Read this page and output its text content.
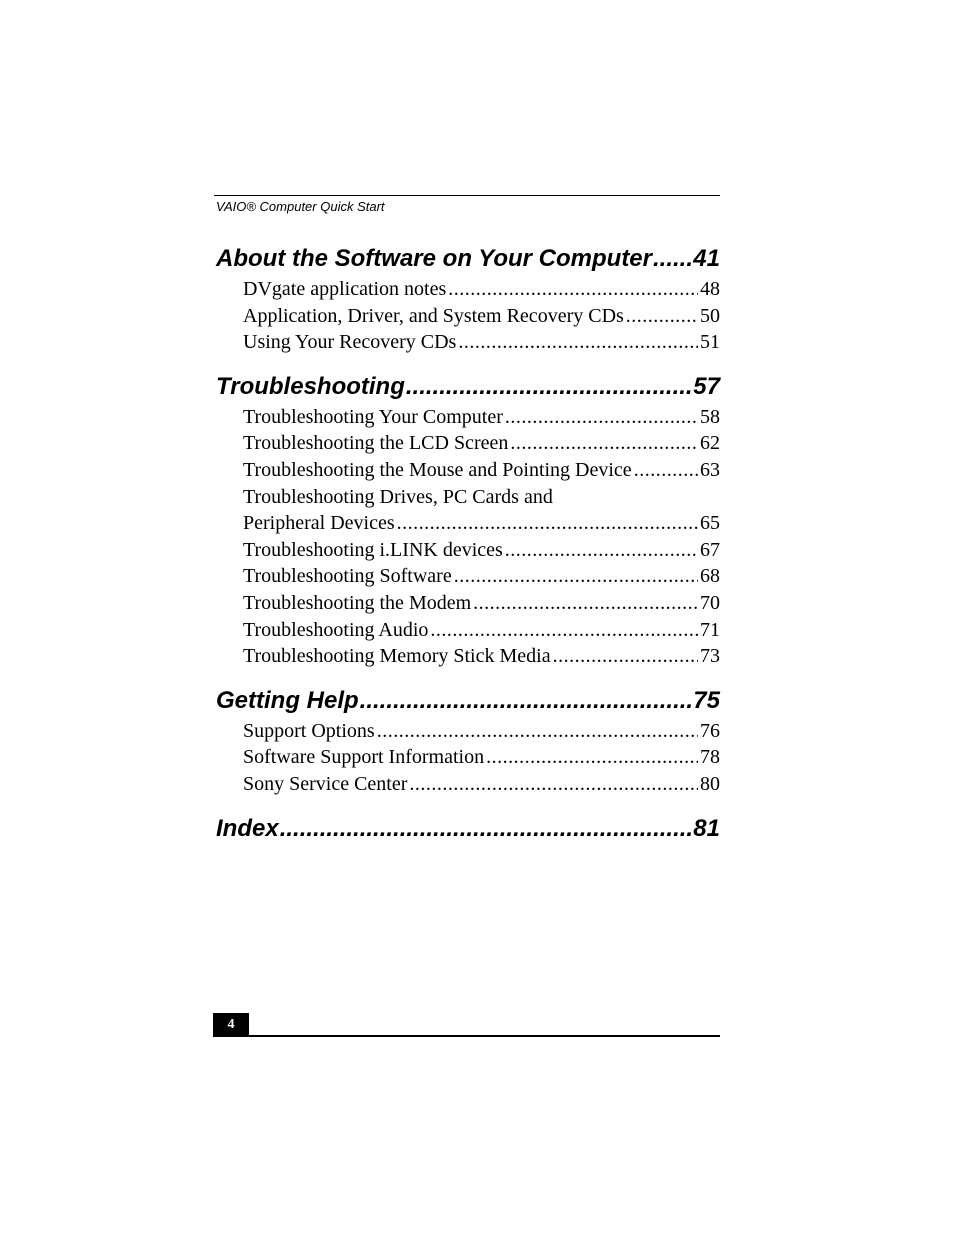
VAIO® Computer Quick Start
About the Software on Your Computer ..... 41
DVgate application notes .....	48
Application, Driver, and System Recovery CDs .....	50
Using Your Recovery CDs .....	51
Troubleshooting .....	57
Troubleshooting Your Computer .....	58
Troubleshooting the LCD Screen .....	62
Troubleshooting the Mouse and Pointing Device .....	63
Troubleshooting Drives, PC Cards and
Peripheral Devices .....	65
Troubleshooting i.LINK devices .....	67
Troubleshooting Software .....	68
Troubleshooting the Modem .....	70
Troubleshooting Audio .....	71
Troubleshooting Memory Stick Media .....	73
Getting Help .....	75
Support Options .....	76
Software Support Information .....	78
Sony Service Center .....	80
Index .....	81
4
